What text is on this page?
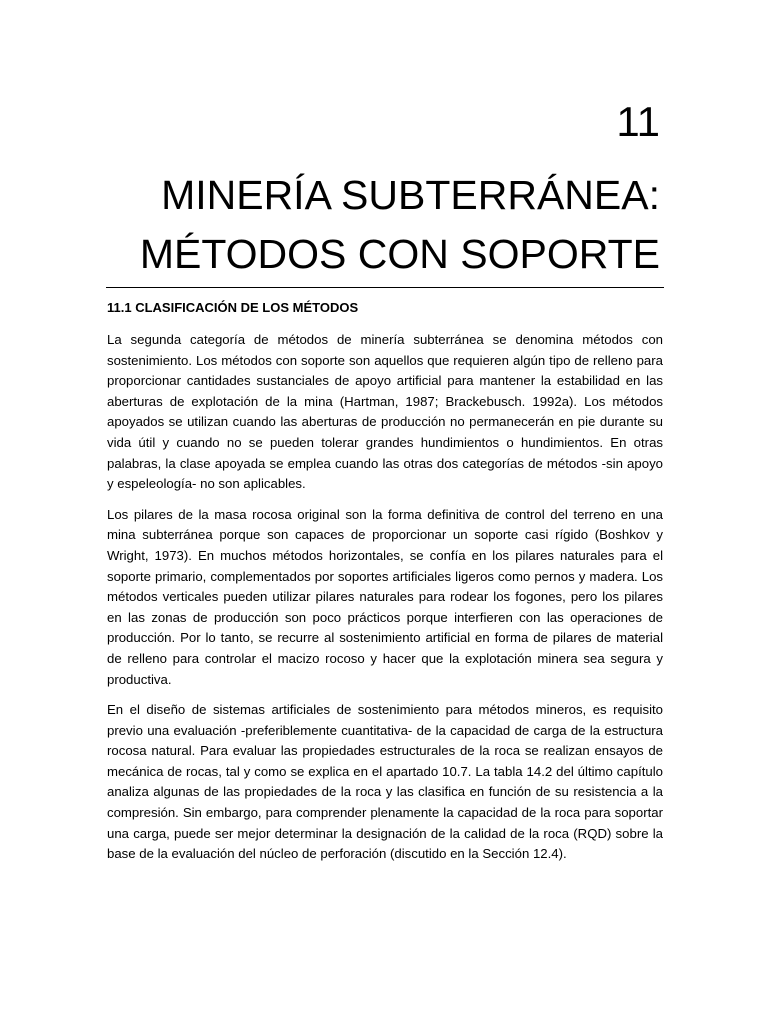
11
MINERÍA SUBTERRÁNEA:
MÉTODOS CON SOPORTE
11.1 CLASIFICACIÓN DE LOS MÉTODOS

La segunda categoría de métodos de minería subterránea se denomina métodos con sostenimiento. Los métodos con soporte son aquellos que requieren algún tipo de relleno para proporcionar cantidades sustanciales de apoyo artificial para mantener la estabilidad en las aberturas de explotación de la mina (Hartman, 1987; Brackebusch. 1992a). Los métodos apoyados se utilizan cuando las aberturas de producción no permanecerán en pie durante su vida útil y cuando no se pueden tolerar grandes hundimientos o hundimientos. En otras palabras, la clase apoyada se emplea cuando las otras dos categorías de métodos -sin apoyo y espeleología- no son aplicables.

Los pilares de la masa rocosa original son la forma definitiva de control del terreno en una mina subterránea porque son capaces de proporcionar un soporte casi rígido (Boshkov y Wright, 1973). En muchos métodos horizontales, se confía en los pilares naturales para el soporte primario, complementados por soportes artificiales ligeros como pernos y madera. Los métodos verticales pueden utilizar pilares naturales para rodear los fogones, pero los pilares en las zonas de producción son poco prácticos porque interfieren con las operaciones de producción. Por lo tanto, se recurre al sostenimiento artificial en forma de pilares de material de relleno para controlar el macizo rocoso y hacer que la explotación minera sea segura y productiva.

En el diseño de sistemas artificiales de sostenimiento para métodos mineros, es requisito previo una evaluación -preferiblemente cuantitativa- de la capacidad de carga de la estructura rocosa natural. Para evaluar las propiedades estructurales de la roca se realizan ensayos de mecánica de rocas, tal y como se explica en el apartado 10.7. La tabla 14.2 del último capítulo analiza algunas de las propiedades de la roca y las clasifica en función de su resistencia a la compresión. Sin embargo, para comprender plenamente la capacidad de la roca para soportar una carga, puede ser mejor determinar la designación de la calidad de la roca (RQD) sobre la base de la evaluación del núcleo de perforación (discutido en la Sección 12.4).
